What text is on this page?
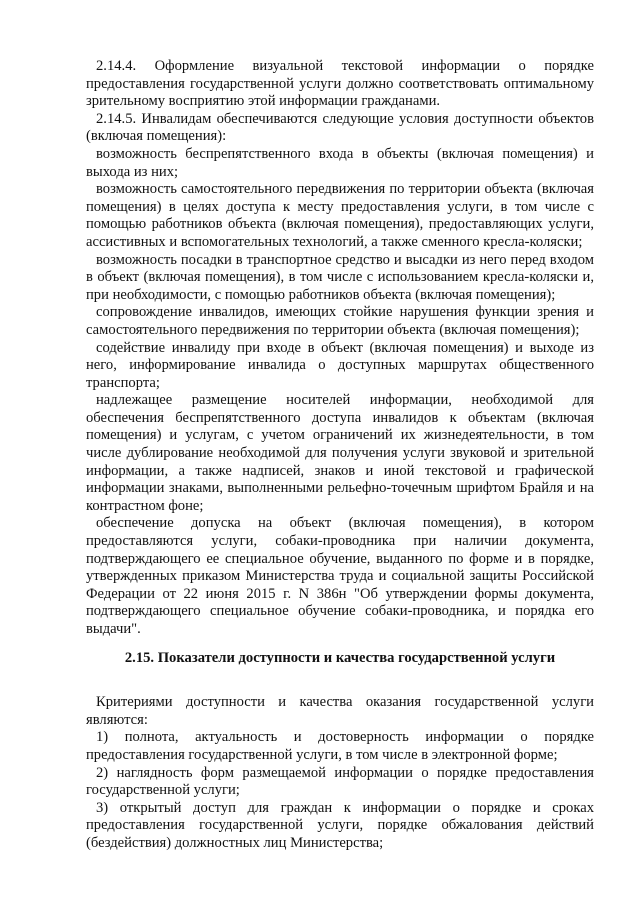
2.14.4. Оформление визуальной текстовой информации о порядке предоставления государственной услуги должно соответствовать оптимальному зрительному восприятию этой информации гражданами.

2.14.5. Инвалидам обеспечиваются следующие условия доступности объектов (включая помещения):

возможность беспрепятственного входа в объекты (включая помещения) и выхода из них;

возможность самостоятельного передвижения по территории объекта (включая помещения) в целях доступа к месту предоставления услуги, в том числе с помощью работников объекта (включая помещения), предоставляющих услуги, ассистивных и вспомогательных технологий, а также сменного кресла-коляски;

возможность посадки в транспортное средство и высадки из него перед входом в объект (включая помещения), в том числе с использованием кресла-коляски и, при необходимости, с помощью работников объекта (включая помещения);

сопровождение инвалидов, имеющих стойкие нарушения функции зрения и самостоятельного передвижения по территории объекта (включая помещения);

содействие инвалиду при входе в объект (включая помещения) и выходе из него, информирование инвалида о доступных маршрутах общественного транспорта;

надлежащее размещение носителей информации, необходимой для обеспечения беспрепятственного доступа инвалидов к объектам (включая помещения) и услугам, с учетом ограничений их жизнедеятельности, в том числе дублирование необходимой для получения услуги звуковой и зрительной информации, а также надписей, знаков и иной текстовой и графической информации знаками, выполненными рельефно-точечным шрифтом Брайля и на контрастном фоне;

обеспечение допуска на объект (включая помещения), в котором предоставляются услуги, собаки-проводника при наличии документа, подтверждающего ее специальное обучение, выданного по форме и в порядке, утвержденных приказом Министерства труда и социальной защиты Российской Федерации от 22 июня 2015 г. N 386н "Об утверждении формы документа, подтверждающего специальное обучение собаки-проводника, и порядка его выдачи".

2.15. Показатели доступности и качества государственной услуги

Критериями доступности и качества оказания государственной услуги являются:

1) полнота, актуальность и достоверность информации о порядке предоставления государственной услуги, в том числе в электронной форме;

2) наглядность форм размещаемой информации о порядке предоставления государственной услуги;

3) открытый доступ для граждан к информации о порядке и сроках предоставления государственной услуги, порядке обжалования действий (бездействия) должностных лиц Министерства;
